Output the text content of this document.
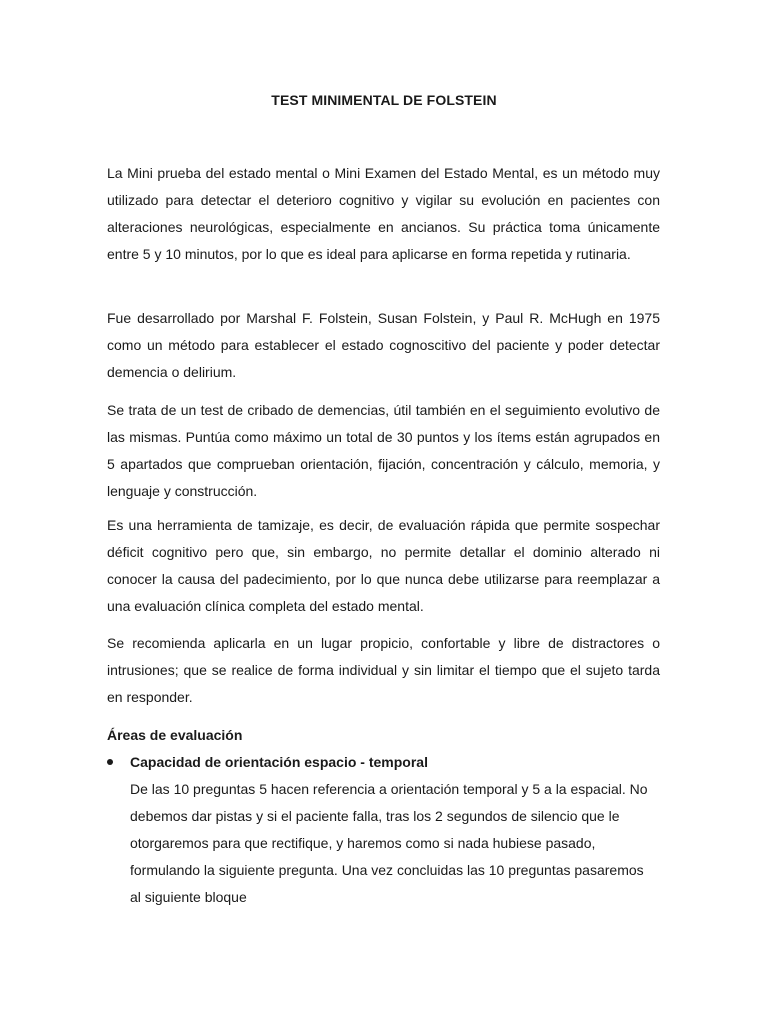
TEST MINIMENTAL DE FOLSTEIN

La Mini prueba del estado mental o Mini Examen del Estado Mental, es un método muy utilizado para detectar el deterioro cognitivo y vigilar su evolución en pacientes con alteraciones neurológicas, especialmente en ancianos. Su práctica toma únicamente entre 5 y 10 minutos, por lo que es ideal para aplicarse en forma repetida y rutinaria.

Fue desarrollado por Marshal F. Folstein, Susan Folstein, y Paul R. McHugh en 1975 como un método para establecer el estado cognoscitivo del paciente y poder detectar demencia o delirium.

Se trata de un test de cribado de demencias, útil también en el seguimiento evolutivo de las mismas. Puntúa como máximo un total de 30 puntos y los ítems están agrupados en 5 apartados que comprueban orientación, fijación, concentración y cálculo, memoria, y lenguaje y construcción.

Es una herramienta de tamizaje, es decir, de evaluación rápida que permite sospechar déficit cognitivo pero que, sin embargo, no permite detallar el dominio alterado ni conocer la causa del padecimiento, por lo que nunca debe utilizarse para reemplazar a una evaluación clínica completa del estado mental.

Se recomienda aplicarla en un lugar propicio, confortable y libre de distractores o intrusiones; que se realice de forma individual y sin limitar el tiempo que el sujeto tarda en responder.

Áreas de evaluación
Capacidad de orientación espacio - temporal

De las 10 preguntas 5 hacen referencia a orientación temporal y 5 a la espacial. No debemos dar pistas y si el paciente falla, tras los 2 segundos de silencio que le otorgaremos para que rectifique, y haremos como si nada hubiese pasado, formulando la siguiente pregunta. Una vez concluidas las 10 preguntas pasaremos al siguiente bloque
